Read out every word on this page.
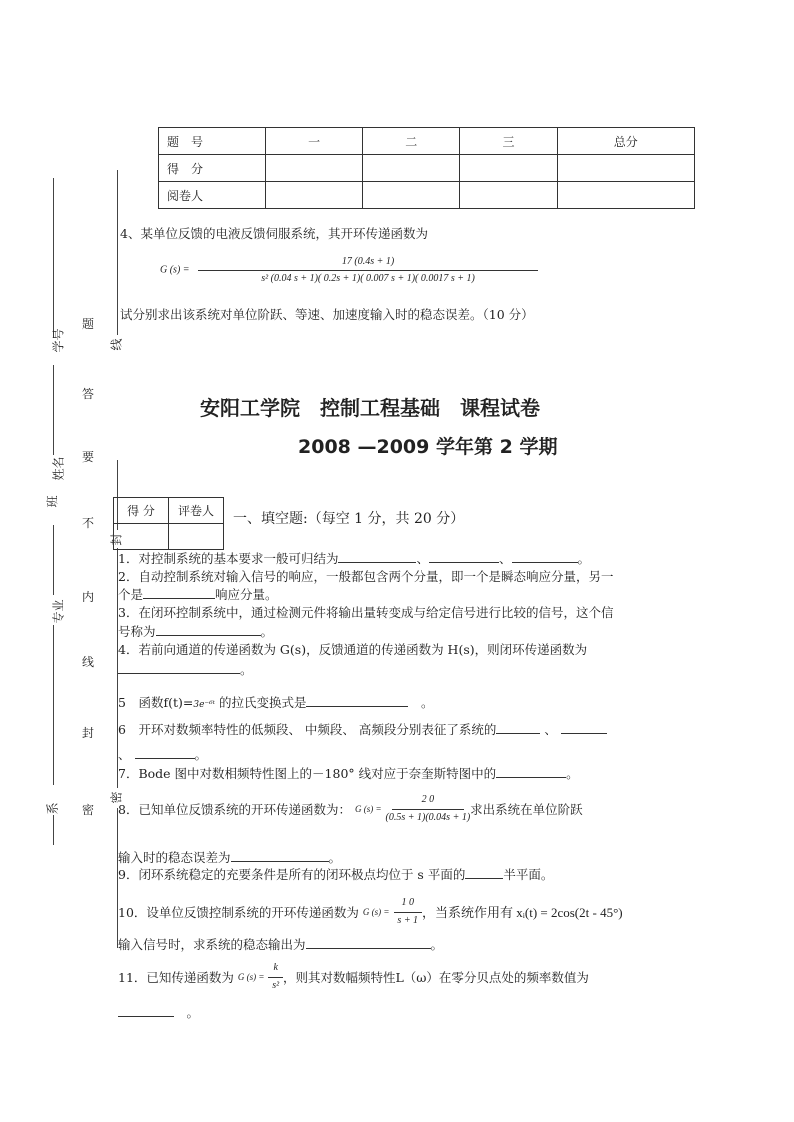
学号
姓名
班
专业
系
题
答
要
不
内
线
封
密
线
封
密
题　号	一	二	三	总分
得　分				
阅卷人				
4、某单位反馈的电液反馈伺服系统，其开环传递函数为
G $(s) = \frac{17 (0.4s + 1)}{\text{s² (0.04 s + 1)( 0.2s + 1)( 0.007 s + 1)( 0.0017 s + 1)}}$
试分别求出该系统对单位阶跃、等速、加速度输入时的稳态误差。（10 分）
安阳工学院　控制工程基础　课程试卷
2008 —2009 学年第 2 学期
得 分	评卷人
	一、填空题:（每空 1 分，共 20 分）
1．对控制系统的基本要求一般可归结为	、	、	。
2．自动控制系统对输入信号的响应，一般都包含两个分量，即一个是瞬态响应分量，另一
个是	响应分量。
3．在闭环控制系统中，通过检测元件将输出量转变成与给定信号进行比较的信号，这个信
号称为	。
4．若前向通道的传递函数为 G(s)，反馈通道的传递函数为 H(s)，则闭环传递函数为
。
5　函数f(t)=3e⁻⁶ᵗ 的拉氏变换式是　	。
6　开环对数频率特性的低频段、 中频段、 高频段分别表征了系统的	、
、	。
7．Bode 图中对数相频特性图上的－180° 线对应于奈奎斯特图中的	。
8．已知单位反馈系统的开环传递函数为： G $(s) = \frac{2 0}{(0.5s + 1)(0.04s + 1)}$ 求出系统在单位阶跃
输入时的稳态误差为	。
9．闭环系统稳定的充要条件是所有的闭环极点均位于 s 平面的	半平面。
10．设单位反馈控制系统的开环传递函数为 G $(s) = \frac{1 0}{s + 1}$ ，当系统作用有 xᵢ(t) = 2cos(2t - 45°)
输入信号时，求系统的稳态输出为	。
11．已知传递函数为 G $(s) = \frac{k}{\text{s²}}$ ，则其对数幅频特性L（ω）在零分贝点处的频率数值为
　。
